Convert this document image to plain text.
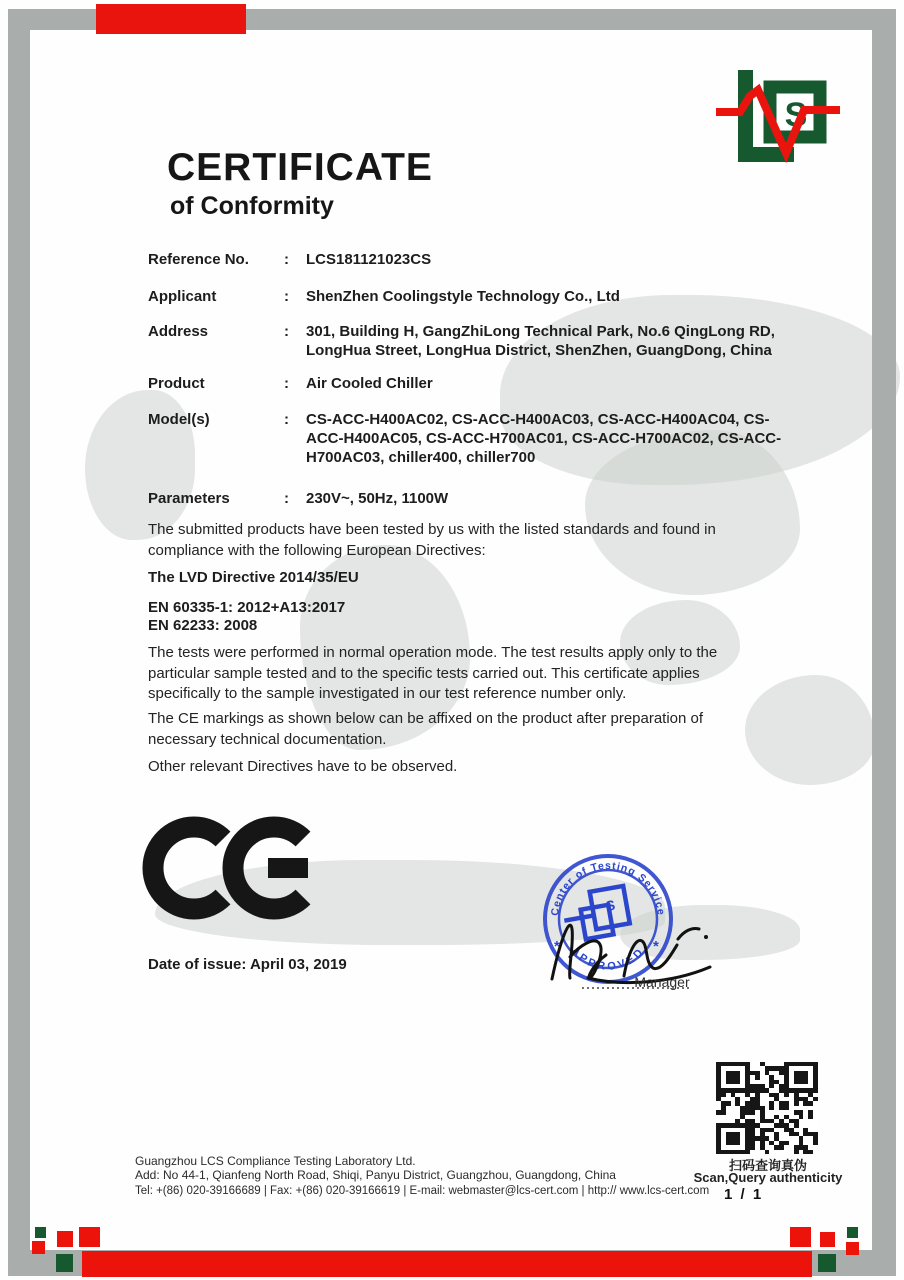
S
CERTIFICATE
of Conformity
Reference No.	:	LCS181121023CS
Applicant	:	ShenZhen Coolingstyle Technology Co., Ltd
Address	:	301, Building H, GangZhiLong Technical Park, No.6 QingLong RD, LongHua Street, LongHua District, ShenZhen, GuangDong, China
Product	:	Air Cooled Chiller
Model(s)	:	CS-ACC-H400AC02, CS-ACC-H400AC03, CS-ACC-H400AC04, CS-ACC-H400AC05, CS-ACC-H700AC01, CS-ACC-H700AC02, CS-ACC-H700AC03, chiller400, chiller700
Parameters	:	230V~, 50Hz, 1100W
The submitted products have been tested by us with the listed standards and found in compliance with the following European Directives:
The LVD Directive 2014/35/EU
EN 60335-1: 2012+A13:2017
EN 62233: 2008
The tests were performed in normal operation mode. The test results apply only to the particular sample tested and to the specific tests carried out. This certificate applies specifically to the sample investigated in our test reference number only.
The CE markings as shown below can be affixed on the product after preparation of necessary technical documentation.
Other relevant Directives have to be observed.
Date of issue: April 03, 2019
Center of Testing Service
APPROVED
*	*
S
Manager
扫码查询真伪
Scan,Query authenticity
1 / 1
Guangzhou LCS Compliance Testing Laboratory Ltd.
Add: No 44-1, Qianfeng North Road, Shiqi, Panyu District, Guangzhou, Guangdong, China
Tel: +(86) 020-39166689 | Fax: +(86) 020-39166619 | E-mail: webmaster@lcs-cert.com | http:// www.lcs-cert.com
